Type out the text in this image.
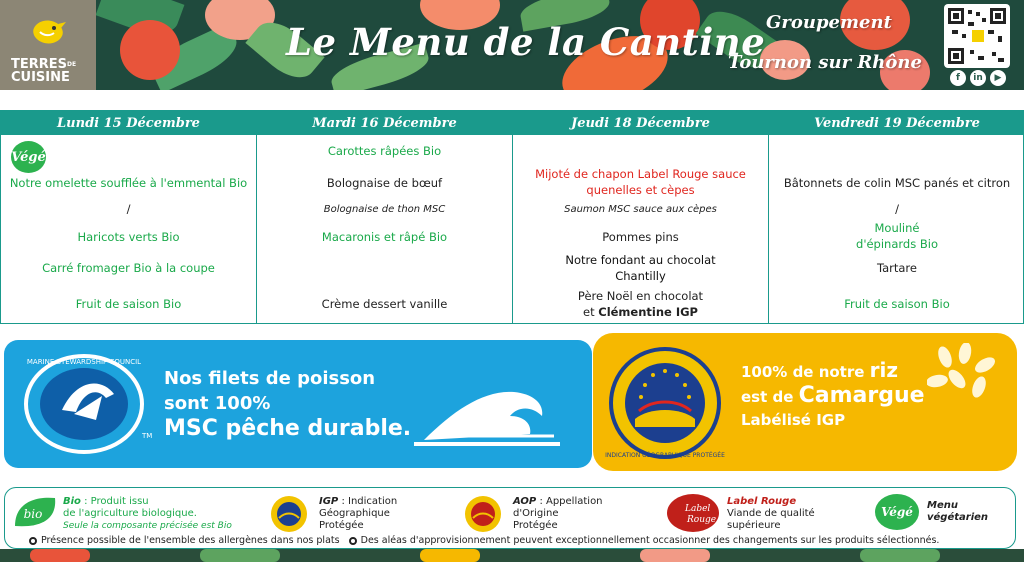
$TERRES^{DE}$
CUISINE
Le Menu de la Cantine Groupement
Tournon sur Rhône
f	in	▶
Lundi 15 Décembre
Végé
Notre omelette soufflée à l'emmental Bio
/
Haricots verts Bio
Carré fromager Bio à la coupe
Fruit de saison Bio
Mardi 16 Décembre
Carottes râpées Bio
Bolognaise de bœuf
Bolognaise de thon MSC
Macaronis et râpé Bio
Crème dessert vanille
Jeudi 18 Décembre
Mijoté de chapon Label Rouge sauce quenelles et cèpes
Saumon MSC sauce aux cèpes
Pommes pins
Notre fondant au chocolat Chantilly
Père Noël en chocolat
et Clémentine IGP
Vendredi 19 Décembre
Bâtonnets de colin MSC panés et citron
/
Mouliné
d'épinards Bio
Tartare
Fruit de saison Bio
MARINE STEWARDSHIP COUNCIL
TM
Nos filets de poisson
sont 100%
MSC pêche durable.
INDICATION GÉOGRAPHIQUE PROTÉGÉE
100% de notre riz
est de Camargue
Labélisé IGP
bio
Bio : Produit issu
de l'agriculture biologique.
Seule la composante précisée est Bio
IGP : Indication
Géographique
Protégée
AOP : Appellation
d'Origine
Protégée
Label
Rouge
Label Rouge
Viande de qualité
supérieure
Végé	Menu
végétarien
Présence possible de l'ensemble des allergènes dans nos plats Des aléas d'approvisionnement peuvent exceptionnellement occasionner des changements sur les produits sélectionnés.
